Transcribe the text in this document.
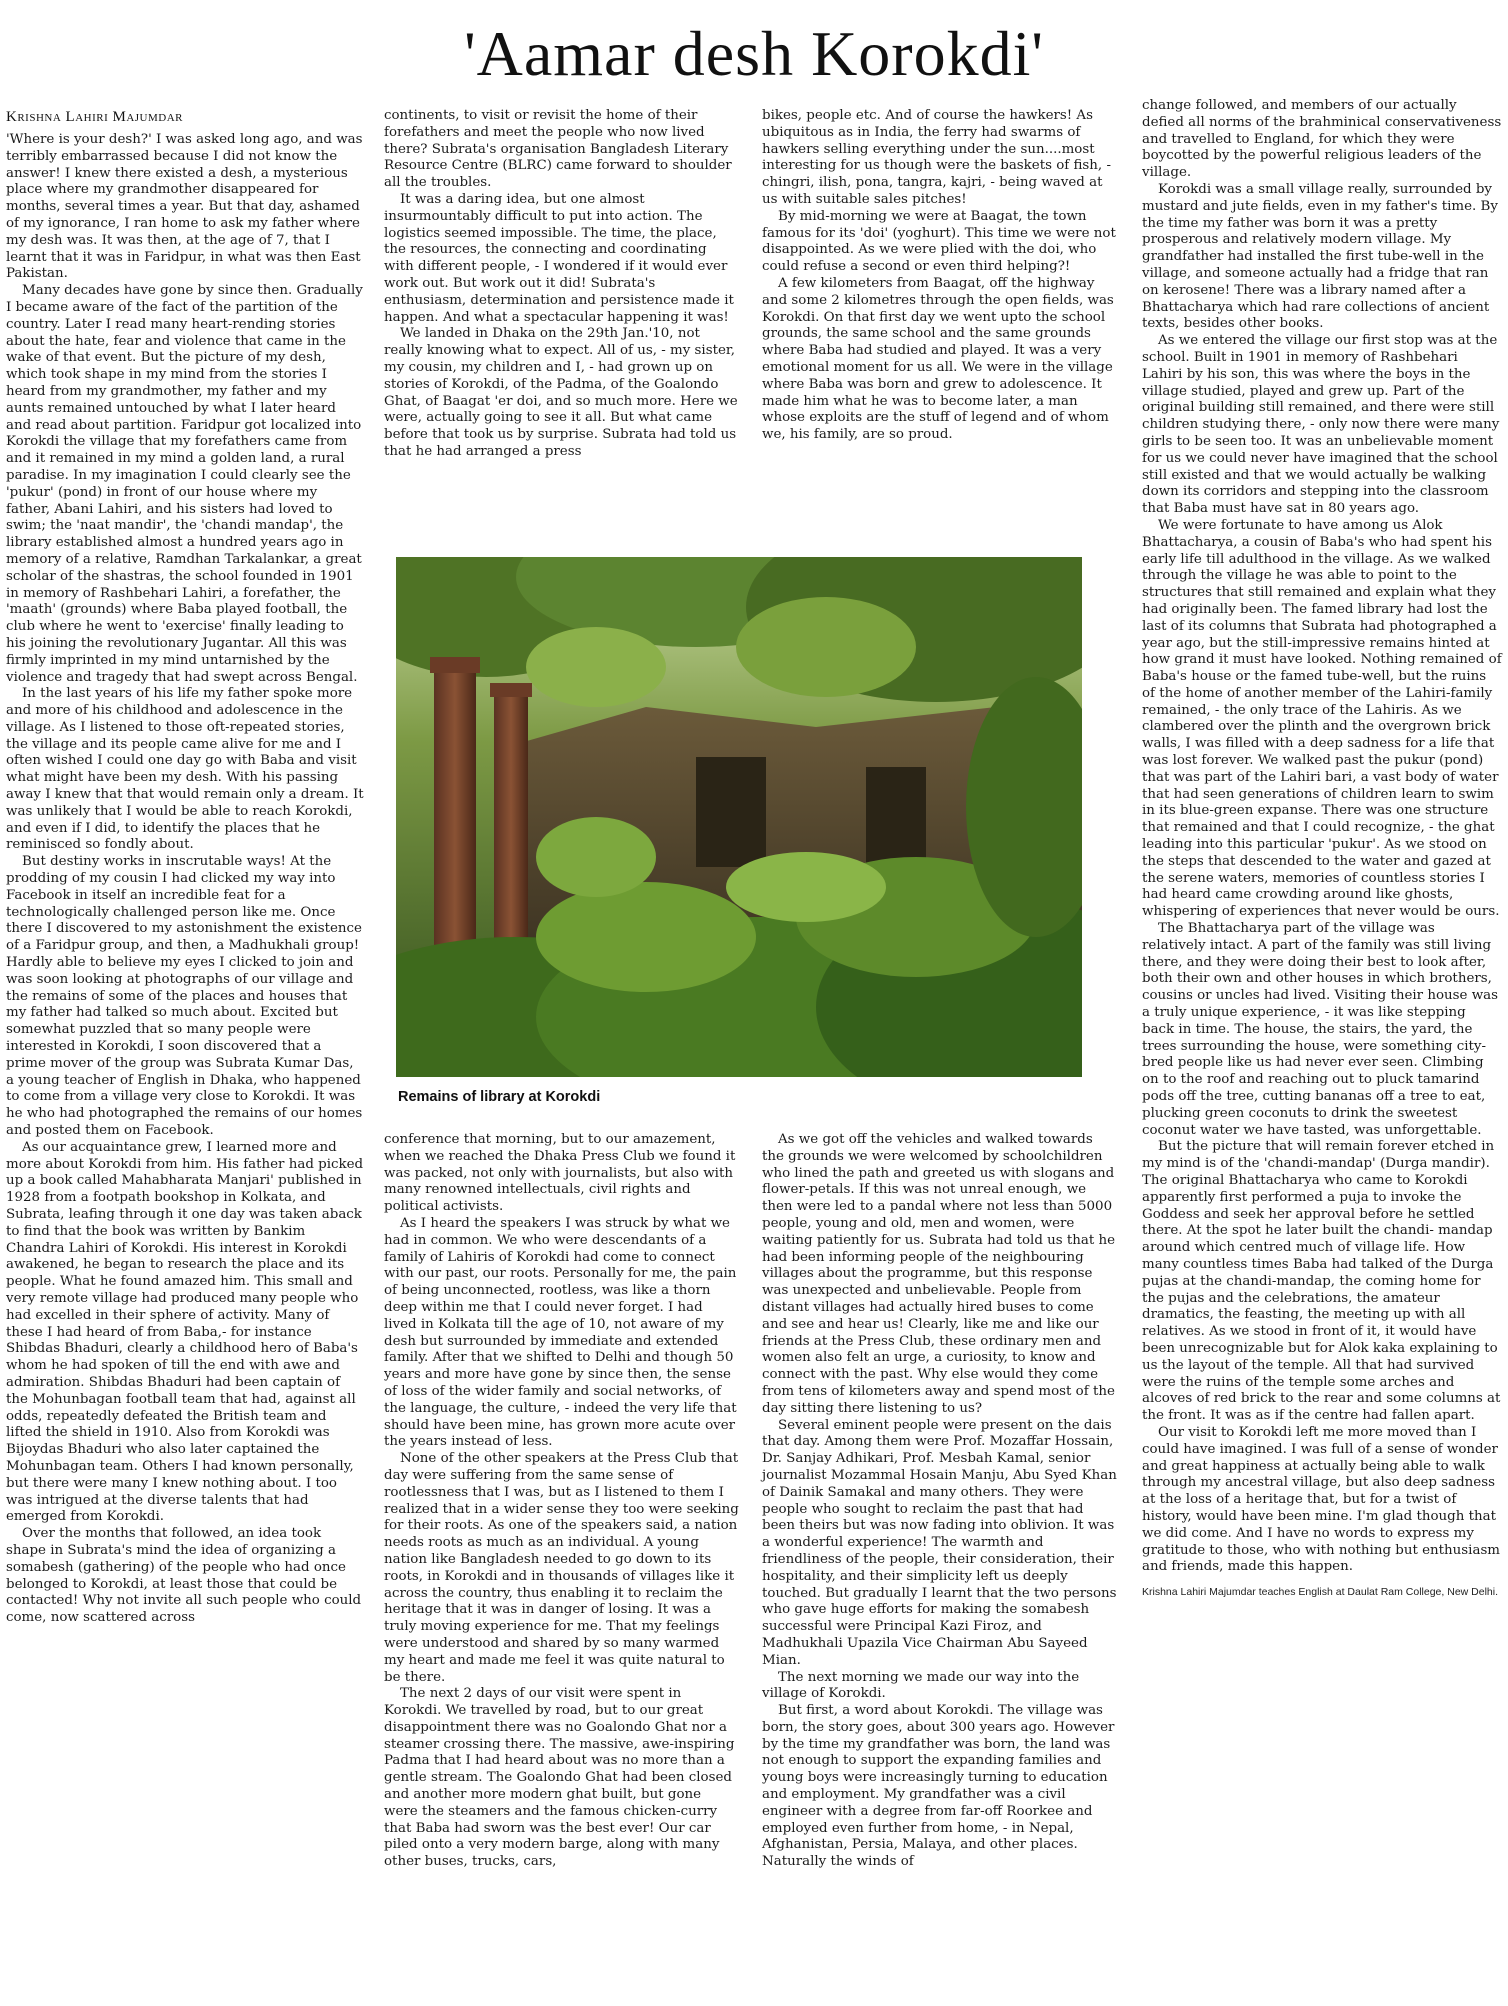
'Aamar desh Korokdi'
Krishna Lahiri Majumdar

'Where is your desh?' I was asked long ago, and was terribly embarrassed because I did not know the answer! I knew there existed a desh, a mysterious place where my grandmother disappeared for months, several times a year. But that day, ashamed of my ignorance, I ran home to ask my father where my desh was. It was then, at the age of 7, that I learnt that it was in Faridpur, in what was then East Pakistan.

Many decades have gone by since then. Gradually I became aware of the fact of the partition of the country. Later I read many heart-rending stories about the hate, fear and violence that came in the wake of that event. But the picture of my desh, which took shape in my mind from the stories I heard from my grandmother, my father and my aunts remained untouched by what I later heard and read about partition. Faridpur got localized into Korokdi the village that my forefathers came from and it remained in my mind a golden land, a rural paradise. In my imagination I could clearly see the 'pukur' (pond) in front of our house where my father, Abani Lahiri, and his sisters had loved to swim; the 'naat mandir', the 'chandi mandap', the library established almost a hundred years ago in memory of a relative, Ramdhan Tarkalankar, a great scholar of the shastras, the school founded in 1901 in memory of Rashbehari Lahiri, a forefather, the 'maath' (grounds) where Baba played football, the club where he went to 'exercise' finally leading to his joining the revolutionary Jugantar. All this was firmly imprinted in my mind untarnished by the violence and tragedy that had swept across Bengal.

In the last years of his life my father spoke more and more of his childhood and adolescence in the village. As I listened to those oft-repeated stories, the village and its people came alive for me and I often wished I could one day go with Baba and visit what might have been my desh. With his passing away I knew that that would remain only a dream. It was unlikely that I would be able to reach Korokdi, and even if I did, to identify the places that he reminisced so fondly about.

But destiny works in inscrutable ways! At the prodding of my cousin I had clicked my way into Facebook in itself an incredible feat for a technologically challenged person like me. Once there I discovered to my astonishment the existence of a Faridpur group, and then, a Madhukhali group! Hardly able to believe my eyes I clicked to join and was soon looking at photographs of our village and the remains of some of the places and houses that my father had talked so much about. Excited but somewhat puzzled that so many people were interested in Korokdi, I soon discovered that a prime mover of the group was Subrata Kumar Das, a young teacher of English in Dhaka, who happened to come from a village very close to Korokdi. It was he who had photographed the remains of our homes and posted them on Facebook.

As our acquaintance grew, I learned more and more about Korokdi from him. His father had picked up a book called Mahabharata Manjari' published in 1928 from a footpath bookshop in Kolkata, and Subrata, leafing through it one day was taken aback to find that the book was written by Bankim Chandra Lahiri of Korokdi. His interest in Korokdi awakened, he began to research the place and its people. What he found amazed him. This small and very remote village had produced many people who had excelled in their sphere of activity. Many of these I had heard of from Baba,- for instance Shibdas Bhaduri, clearly a childhood hero of Baba's whom he had spoken of till the end with awe and admiration. Shibdas Bhaduri had been captain of the Mohunbagan football team that had, against all odds, repeatedly defeated the British team and lifted the shield in 1910. Also from Korokdi was Bijoydas Bhaduri who also later captained the Mohunbagan team. Others I had known personally, but there were many I knew nothing about. I too was intrigued at the diverse talents that had emerged from Korokdi.

Over the months that followed, an idea took shape in Subrata's mind the idea of organizing a somabesh (gathering) of the people who had once belonged to Korokdi, at least those that could be contacted! Why not invite all such people who could come, now scattered across

continents, to visit or revisit the home of their forefathers and meet the people who now lived there? Subrata's organisation Bangladesh Literary Resource Centre (BLRC) came forward to shoulder all the troubles.

It was a daring idea, but one almost insurmountably difficult to put into action. The logistics seemed impossible. The time, the place, the resources, the connecting and coordinating with different people, - I wondered if it would ever work out. But work out it did! Subrata's enthusiasm, determination and persistence made it happen. And what a spectacular happening it was!

We landed in Dhaka on the 29th Jan.'10, not really knowing what to expect. All of us, - my sister, my cousin, my children and I, - had grown up on stories of Korokdi, of the Padma, of the Goalondo Ghat, of Baagat 'er doi, and so much more. Here we were, actually going to see it all. But what came before that took us by surprise. Subrata had told us that he had arranged a press

bikes, people etc. And of course the hawkers! As ubiquitous as in India, the ferry had swarms of hawkers selling everything under the sun....most interesting for us though were the baskets of fish, - chingri, ilish, pona, tangra, kajri, - being waved at us with suitable sales pitches!

By mid-morning we were at Baagat, the town famous for its 'doi' (yoghurt). This time we were not disappointed. As we were plied with the doi, who could refuse a second or even third helping?!

A few kilometers from Baagat, off the highway and some 2 kilometres through the open fields, was Korokdi. On that first day we went upto the school grounds, the same school and the same grounds where Baba had studied and played. It was a very emotional moment for us all. We were in the village where Baba was born and grew to adolescence. It made him what he was to become later, a man whose exploits are the stuff of legend and of whom we, his family, are so proud.

Remains of library at Korokdi

conference that morning, but to our amazement, when we reached the Dhaka Press Club we found it was packed, not only with journalists, but also with many renowned intellectuals, civil rights and political activists.

As I heard the speakers I was struck by what we had in common. We who were descendants of a family of Lahiris of Korokdi had come to connect with our past, our roots. Personally for me, the pain of being unconnected, rootless, was like a thorn deep within me that I could never forget. I had lived in Kolkata till the age of 10, not aware of my desh but surrounded by immediate and extended family. After that we shifted to Delhi and though 50 years and more have gone by since then, the sense of loss of the wider family and social networks, of the language, the culture, - indeed the very life that should have been mine, has grown more acute over the years instead of less.

None of the other speakers at the Press Club that day were suffering from the same sense of rootlessness that I was, but as I listened to them I realized that in a wider sense they too were seeking for their roots. As one of the speakers said, a nation needs roots as much as an individual. A young nation like Bangladesh needed to go down to its roots, in Korokdi and in thousands of villages like it across the country, thus enabling it to reclaim the heritage that it was in danger of losing. It was a truly moving experience for me. That my feelings were understood and shared by so many warmed my heart and made me feel it was quite natural to be there.

The next 2 days of our visit were spent in Korokdi. We travelled by road, but to our great disappointment there was no Goalondo Ghat nor a steamer crossing there. The massive, awe-inspiring Padma that I had heard about was no more than a gentle stream. The Goalondo Ghat had been closed and another more modern ghat built, but gone were the steamers and the famous chicken-curry that Baba had sworn was the best ever! Our car piled onto a very modern barge, along with many other buses, trucks, cars,

As we got off the vehicles and walked towards the grounds we were welcomed by schoolchildren who lined the path and greeted us with slogans and flower-petals. If this was not unreal enough, we then were led to a pandal where not less than 5000 people, young and old, men and women, were waiting patiently for us. Subrata had told us that he had been informing people of the neighbouring villages about the programme, but this response was unexpected and unbelievable. People from distant villages had actually hired buses to come and see and hear us! Clearly, like me and like our friends at the Press Club, these ordinary men and women also felt an urge, a curiosity, to know and connect with the past. Why else would they come from tens of kilometers away and spend most of the day sitting there listening to us?

Several eminent people were present on the dais that day. Among them were Prof. Mozaffar Hossain, Dr. Sanjay Adhikari, Prof. Mesbah Kamal, senior journalist Mozammal Hosain Manju, Abu Syed Khan of Dainik Samakal and many others. They were people who sought to reclaim the past that had been theirs but was now fading into oblivion. It was a wonderful experience! The warmth and friendliness of the people, their consideration, their hospitality, and their simplicity left us deeply touched. But gradually I learnt that the two persons who gave huge efforts for making the somabesh successful were Principal Kazi Firoz, and Madhukhali Upazila Vice Chairman Abu Sayeed Mian.

The next morning we made our way into the village of Korokdi.

But first, a word about Korokdi. The village was born, the story goes, about 300 years ago. However by the time my grandfather was born, the land was not enough to support the expanding families and young boys were increasingly turning to education and employment. My grandfather was a civil engineer with a degree from far-off Roorkee and employed even further from home, - in Nepal, Afghanistan, Persia, Malaya, and other places. Naturally the winds of

change followed, and members of our actually defied all norms of the brahminical conservativeness and travelled to England, for which they were boycotted by the powerful religious leaders of the village.

Korokdi was a small village really, surrounded by mustard and jute fields, even in my father's time. By the time my father was born it was a pretty prosperous and relatively modern village. My grandfather had installed the first tube-well in the village, and someone actually had a fridge that ran on kerosene! There was a library named after a Bhattacharya which had rare collections of ancient texts, besides other books.

As we entered the village our first stop was at the school. Built in 1901 in memory of Rashbehari Lahiri by his son, this was where the boys in the village studied, played and grew up. Part of the original building still remained, and there were still children studying there, - only now there were many girls to be seen too. It was an unbelievable moment for us we could never have imagined that the school still existed and that we would actually be walking down its corridors and stepping into the classroom that Baba must have sat in 80 years ago.

We were fortunate to have among us Alok Bhattacharya, a cousin of Baba's who had spent his early life till adulthood in the village. As we walked through the village he was able to point to the structures that still remained and explain what they had originally been. The famed library had lost the last of its columns that Subrata had photographed a year ago, but the still-impressive remains hinted at how grand it must have looked. Nothing remained of Baba's house or the famed tube-well, but the ruins of the home of another member of the Lahiri-family remained, - the only trace of the Lahiris. As we clambered over the plinth and the overgrown brick walls, I was filled with a deep sadness for a life that was lost forever. We walked past the pukur (pond) that was part of the Lahiri bari, a vast body of water that had seen generations of children learn to swim in its blue-green expanse. There was one structure that remained and that I could recognize, - the ghat leading into this particular 'pukur'. As we stood on the steps that descended to the water and gazed at the serene waters, memories of countless stories I had heard came crowding around like ghosts, whispering of experiences that never would be ours.

The Bhattacharya part of the village was relatively intact. A part of the family was still living there, and they were doing their best to look after, both their own and other houses in which brothers, cousins or uncles had lived. Visiting their house was a truly unique experience, - it was like stepping back in time. The house, the stairs, the yard, the trees surrounding the house, were something city-bred people like us had never ever seen. Climbing on to the roof and reaching out to pluck tamarind pods off the tree, cutting bananas off a tree to eat, plucking green coconuts to drink the sweetest coconut water we have tasted, was unforgettable.

But the picture that will remain forever etched in my mind is of the 'chandi-mandap' (Durga mandir). The original Bhattacharya who came to Korokdi apparently first performed a puja to invoke the Goddess and seek her approval before he settled there. At the spot he later built the chandi- mandap around which centred much of village life. How many countless times Baba had talked of the Durga pujas at the chandi-mandap, the coming home for the pujas and the celebrations, the amateur dramatics, the feasting, the meeting up with all relatives. As we stood in front of it, it would have been unrecognizable but for Alok kaka explaining to us the layout of the temple. All that had survived were the ruins of the temple some arches and alcoves of red brick to the rear and some columns at the front. It was as if the centre had fallen apart.

Our visit to Korokdi left me more moved than I could have imagined. I was full of a sense of wonder and great happiness at actually being able to walk through my ancestral village, but also deep sadness at the loss of a heritage that, but for a twist of history, would have been mine. I'm glad though that we did come. And I have no words to express my gratitude to those, who with nothing but enthusiasm and friends, made this happen.

Krishna Lahiri Majumdar teaches English at Daulat Ram College, New Delhi.
